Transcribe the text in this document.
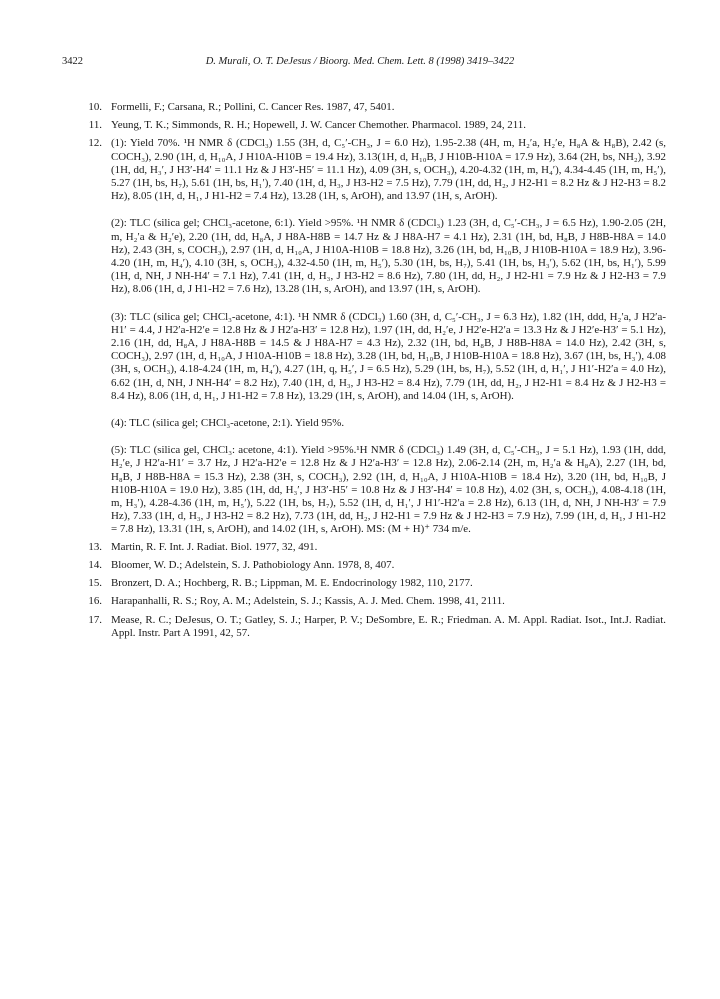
3422	D. Murali, O. T. DeJesus / Bioorg. Med. Chem. Lett. 8 (1998) 3419–3422
10. Formelli, F.; Carsana, R.; Pollini, C. Cancer Res. 1987, 47, 5401.
11. Yeung, T. K.; Simmonds, R. H.; Hopewell, J. W. Cancer Chemother. Pharmacol. 1989, 24, 211.
12. (1): Yield 70%. ¹H NMR δ (CDCl₃) 1.55 (3H, d, C₅′-CH₃, J = 6.0 Hz), 1.95-2.38 (4H, m, H₂′a, H₂′e, H₈A & H₈B), 2.42 (s, COCH₃), 2.90 (1H, d, H₁₀A, J H10A-H10B = 19.4 Hz), 3.13(1H, d, H₁₀B, J H10B-H10A = 17.9 Hz), 3.64 (2H, bs, NH₂), 3.92 (1H, dd, H₃′, J H3′-H4′ = 11.1 Hz & J H3′-H5′ = 11.1 Hz), 4.09 (3H, s, OCH₃), 4.20-4.32 (1H, m, H₄′), 4.34-4.45 (1H, m, H₅′), 5.27 (1H, bs, H₇), 5.61 (1H, bs, H₁′), 7.40 (1H, d, H₃, J H3-H2 = 7.5 Hz), 7.79 (1H, dd, H₂, J H2-H1 = 8.2 Hz & J H2-H3 = 8.2 Hz), 8.05 (1H, d, H₁, J H1-H2 = 7.4 Hz), 13.28 (1H, s, ArOH), and 13.97 (1H, s, ArOH).
(2): TLC (silica gel; CHCl₃-acetone, 6:1). Yield >95%. ¹H NMR δ (CDCl₃) 1.23 (3H, d, C₅′-CH₃, J = 6.5 Hz), 1.90-2.05 (2H, m, H₂′a & H₂′e), 2.20 (1H, dd, H₈A, J H8A-H8B = 14.7 Hz & J H8A-H7 = 4.1 Hz), 2.31 (1H, bd, H₈B, J H8B-H8A = 14.0 Hz), 2.43 (3H, s, COCH₃), 2.97 (1H, d, H₁₀A, J H10A-H10B = 18.8 Hz), 3.26 (1H, bd, H₁₀B, J H10B-H10A = 18.9 Hz), 3.96-4.20 (1H, m, H₄′), 4.10 (3H, s, OCH₃), 4.32-4.50 (1H, m, H₅′), 5.30 (1H, bs, H₇), 5.41 (1H, bs, H₃′), 5.62 (1H, bs, H₁′), 5.99 (1H, d, NH, J NH-H4′ = 7.1 Hz), 7.41 (1H, d, H₃, J H3-H2 = 8.6 Hz), 7.80 (1H, dd, H₂, J H2-H1 = 7.9 Hz & J H2-H3 = 7.9 Hz), 8.06 (1H, d, J H1-H2 = 7.6 Hz), 13.28 (1H, s, ArOH), and 13.97 (1H, s, ArOH).
(3): TLC (silica gel; CHCl₃-acetone, 4:1). ¹H NMR δ (CDCl₃) 1.60 (3H, d, C₅′-CH₃, J = 6.3 Hz), 1.82 (1H, ddd, H₂′a, J H2′a-H1′ = 4.4, J H2′a-H2′e = 12.8 Hz & J H2′a-H3′ = 12.8 Hz), 1.97 (1H, dd, H₂′e, J H2′e-H2′a = 13.3 Hz & J H2′e-H3′ = 5.1 Hz), 2.16 (1H, dd, H₈A, J H8A-H8B = 14.5 & J H8A-H7 = 4.3 Hz), 2.32 (1H, bd, H₈B, J H8B-H8A = 14.0 Hz), 2.42 (3H, s, COCH₃), 2.97 (1H, d, H₁₀A, J H10A-H10B = 18.8 Hz), 3.28 (1H, bd, H₁₀B, J H10B-H10A = 18.8 Hz), 3.67 (1H, bs, H₃′), 4.08 (3H, s, OCH₃), 4.18-4.24 (1H, m, H₄′), 4.27 (1H, q, H₅′, J = 6.5 Hz), 5.29 (1H, bs, H₇), 5.52 (1H, d, H₁′, J H1′-H2′a = 4.0 Hz), 6.62 (1H, d, NH, J NH-H4′ = 8.2 Hz), 7.40 (1H, d, H₃, J H3-H2 = 8.4 Hz), 7.79 (1H, dd, H₂, J H2-H1 = 8.4 Hz & J H2-H3 = 8.4 Hz), 8.06 (1H, d, H₁, J H1-H2 = 7.8 Hz), 13.29 (1H, s, ArOH), and 14.04 (1H, s, ArOH).
(4): TLC (silica gel; CHCl₃-acetone, 2:1). Yield 95%.
(5): TLC (silica gel, CHCl₃: acetone, 4:1). Yield >95%.¹H NMR δ (CDCl₃) 1.49 (3H, d, C₅′-CH₃, J = 5.1 Hz), 1.93 (1H, ddd, H₂′e, J H2′a-H1′ = 3.7 Hz, J H2′a-H2′e = 12.8 Hz & J H2′a-H3′ = 12.8 Hz), 2.06-2.14 (2H, m, H₂′a & H₈A), 2.27 (1H, bd, H₈B, J H8B-H8A = 15.3 Hz), 2.38 (3H, s, COCH₃), 2.92 (1H, d, H₁₀A, J H10A-H10B = 18.4 Hz), 3.20 (1H, bd, H₁₀B, J H10B-H10A = 19.0 Hz), 3.85 (1H, dd, H₃′, J H3′-H5′ = 10.8 Hz & J H3′-H4′ = 10.8 Hz), 4.02 (3H, s, OCH₃), 4.08-4.18 (1H, m, H₃′), 4.28-4.36 (1H, m, H₅′), 5.22 (1H, bs, H₇), 5.52 (1H, d, H₁′, J H1′-H2′a = 2.8 Hz), 6.13 (1H, d, NH, J NH-H3′ = 7.9 Hz), 7.33 (1H, d, H₃, J H3-H2 = 8.2 Hz), 7.73 (1H, dd, H₂, J H2-H1 = 7.9 Hz & J H2-H3 = 7.9 Hz), 7.99 (1H, d, H₁, J H1-H2 = 7.8 Hz), 13.31 (1H, s, ArOH), and 14.02 (1H, s, ArOH). MS: (M + H)⁺ 734 m/e.
13. Martin, R. F. Int. J. Radiat. Biol. 1977, 32, 491.
14. Bloomer, W. D.; Adelstein, S. J. Pathobiology Ann. 1978, 8, 407.
15. Bronzert, D. A.; Hochberg, R. B.; Lippman, M. E. Endocrinology 1982, 110, 2177.
16. Harapanhalli, R. S.; Roy, A. M.; Adelstein, S. J.; Kassis, A. J. Med. Chem. 1998, 41, 2111.
17. Mease, R. C.; DeJesus, O. T.; Gatley, S. J.; Harper, P. V.; DeSombre, E. R.; Friedman. A. M. Appl. Radiat. Isot., Int.J. Radiat. Appl. Instr. Part A 1991, 42, 57.
